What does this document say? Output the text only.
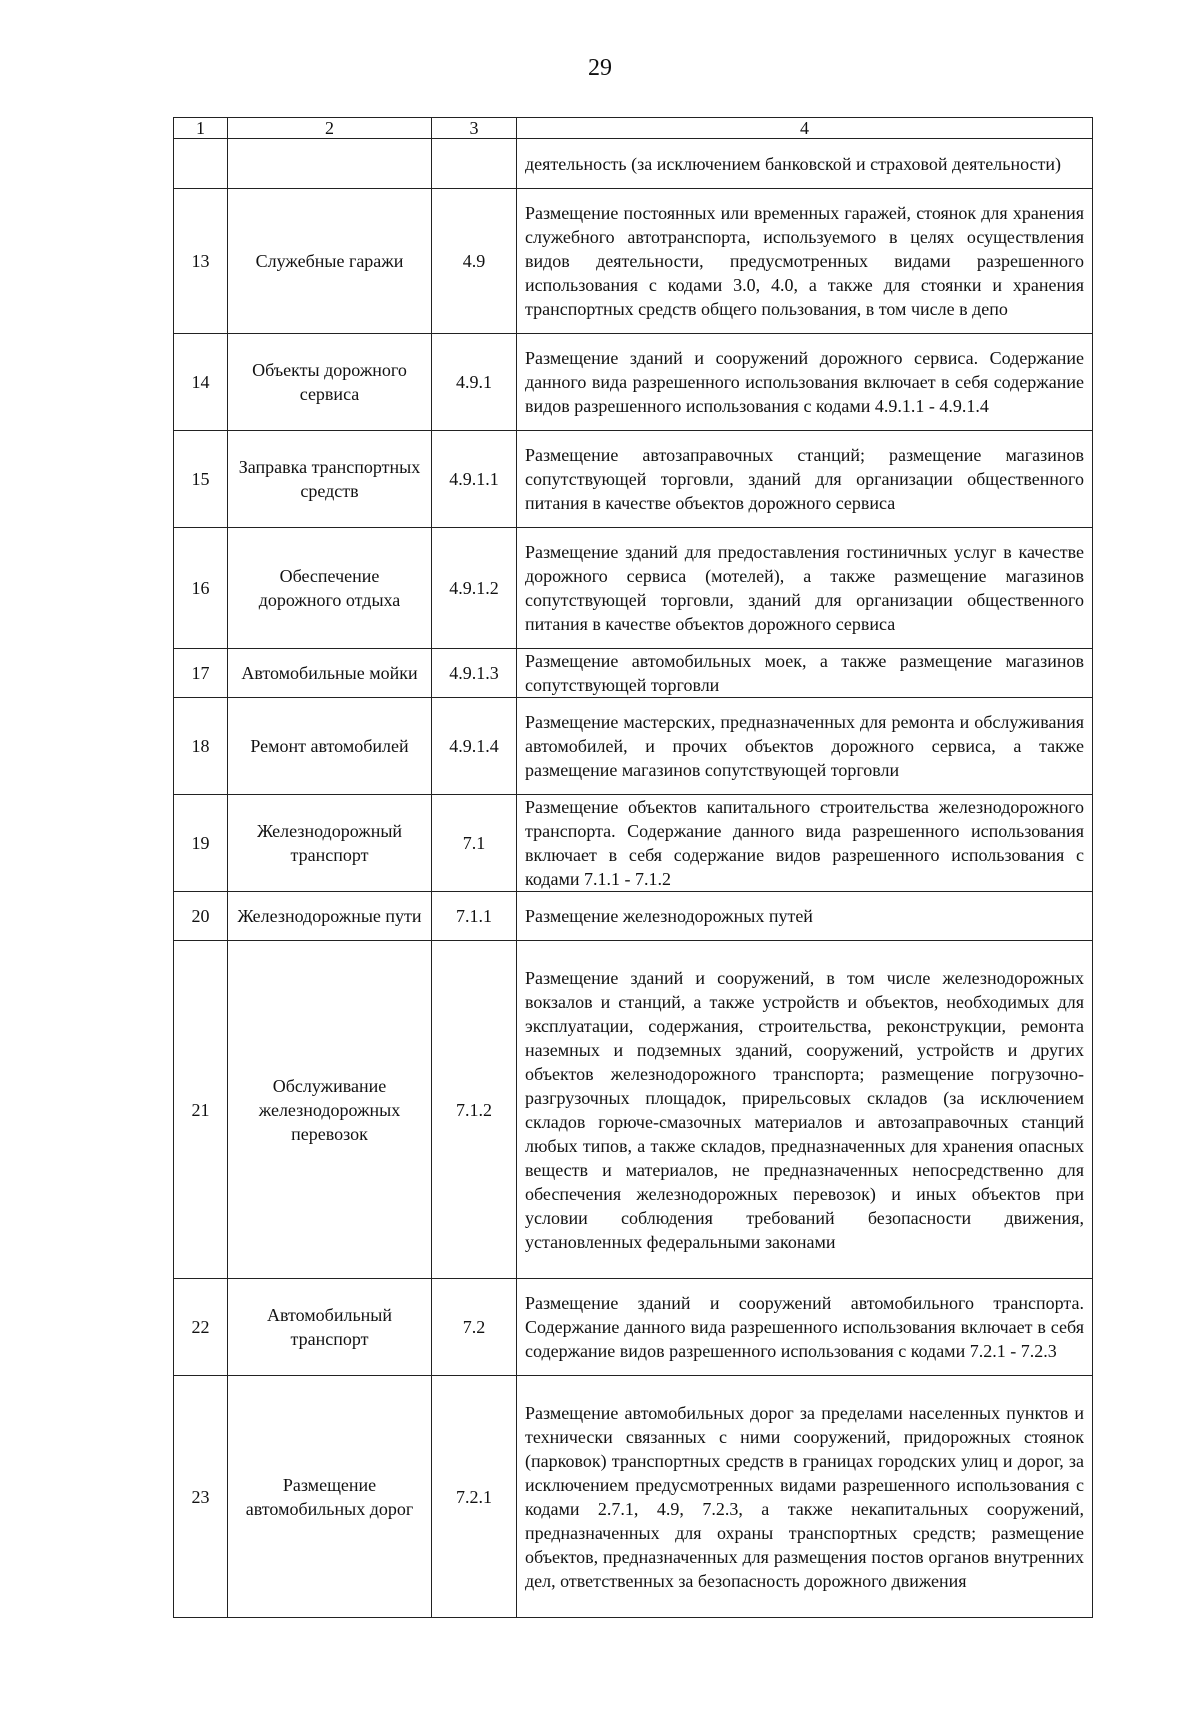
29
1	2	3	4
			деятельность (за исключением банковской и страховой деятельности)
13	Служебные гаражи	4.9	Размещение постоянных или временных гаражей, стоянок для хранения служебного автотранспорта, используемого в целях осуществления видов деятельности, предусмотренных видами разрешенного использования с кодами 3.0, 4.0, а также для стоянки и хранения транспортных средств общего пользования, в том числе в депо
14	Объекты дорожного сервиса	4.9.1	Размещение зданий и сооружений дорожного сервиса. Содержание данного вида разрешенного использования включает в себя содержание видов разрешенного использования с кодами 4.9.1.1 - 4.9.1.4
15	Заправка транспортных средств	4.9.1.1	Размещение автозаправочных станций; размещение магазинов сопутствующей торговли, зданий для организации общественного питания в качестве объектов дорожного сервиса
16	Обеспечение дорожного отдыха	4.9.1.2	Размещение зданий для предоставления гостиничных услуг в качестве дорожного сервиса (мотелей), а также размещение магазинов сопутствующей торговли, зданий для организации общественного питания в качестве объектов дорожного сервиса
17	Автомобильные мойки	4.9.1.3	Размещение автомобильных моек, а также размещение магазинов сопутствующей торговли
18	Ремонт автомобилей	4.9.1.4	Размещение мастерских, предназначенных для ремонта и обслуживания автомобилей, и прочих объектов дорожного сервиса, а также размещение магазинов сопутствующей торговли
19	Железнодорожный транспорт	7.1	Размещение объектов капитального строительства железнодорожного транспорта. Содержание данного вида разрешенного использования включает в себя содержание видов разрешенного использования с кодами 7.1.1 - 7.1.2
20	Железнодорожные пути	7.1.1	Размещение железнодорожных путей
21	Обслуживание железнодорожных перевозок	7.1.2	Размещение зданий и сооружений, в том числе железнодорожных вокзалов и станций, а также устройств и объектов, необходимых для эксплуатации, содержания, строительства, реконструкции, ремонта наземных и подземных зданий, сооружений, устройств и других объектов железнодорожного транспорта; размещение погрузочно-разгрузочных площадок, прирельсовых складов (за исключением складов горюче-смазочных материалов и автозаправочных станций любых типов, а также складов, предназначенных для хранения опасных веществ и материалов, не предназначенных непосредственно для обеспечения железнодорожных перевозок) и иных объектов при условии соблюдения требований безопасности движения, установленных федеральными законами
22	Автомобильный транспорт	7.2	Размещение зданий и сооружений автомобильного транспорта. Содержание данного вида разрешенного использования включает в себя содержание видов разрешенного использования с кодами 7.2.1 - 7.2.3
23	Размещение автомобильных дорог	7.2.1	Размещение автомобильных дорог за пределами населенных пунктов и технически связанных с ними сооружений, придорожных стоянок (парковок) транспортных средств в границах городских улиц и дорог, за исключением предусмотренных видами разрешенного использования с кодами 2.7.1, 4.9, 7.2.3, а также некапитальных сооружений, предназначенных для охраны транспортных средств; размещение объектов, предназначенных для размещения постов органов внутренних дел, ответственных за безопасность дорожного движения
